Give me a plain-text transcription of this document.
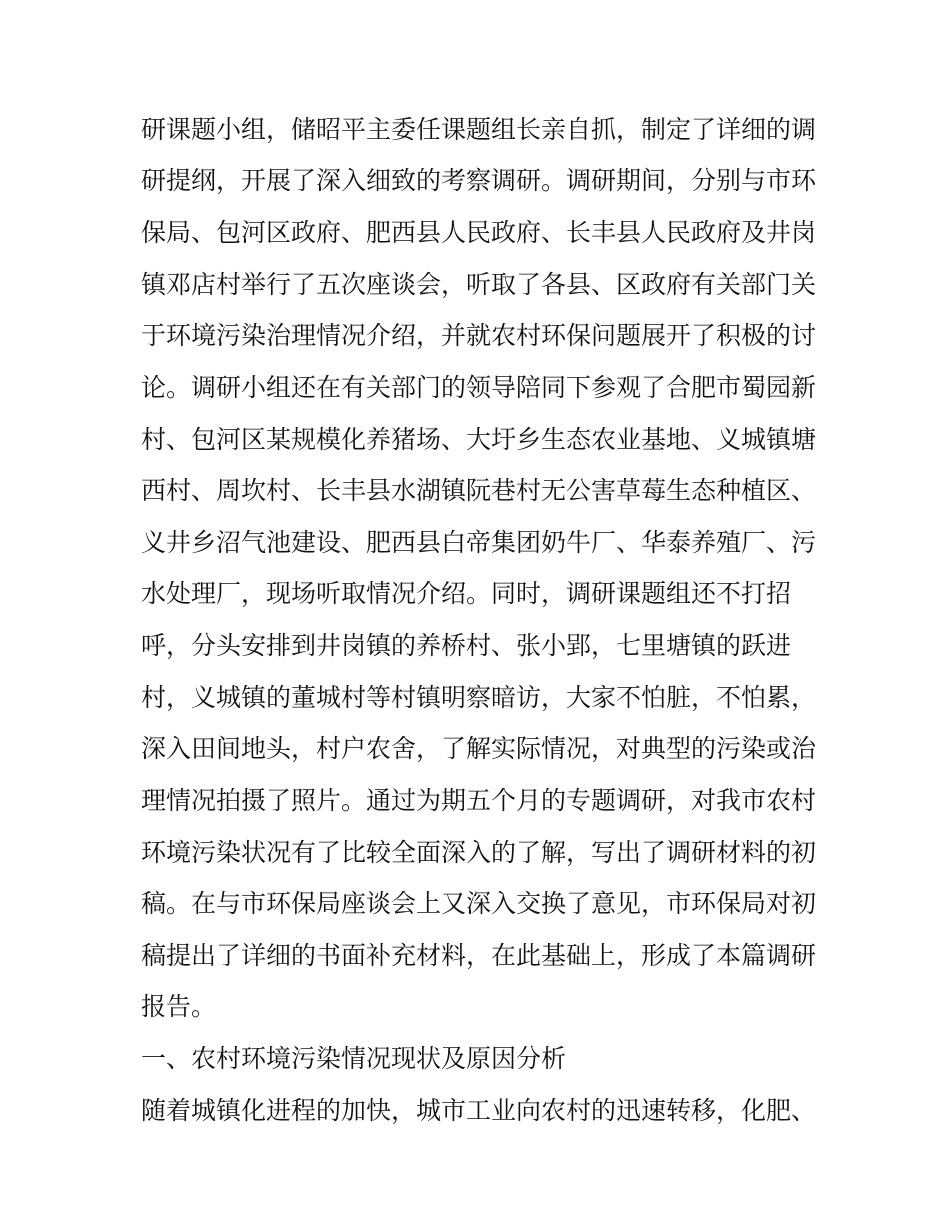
研课题小组，储昭平主委任课题组长亲自抓，制定了详细的调
研提纲，开展了深入细致的考察调研。调研期间，分别与市环
保局、包河区政府、肥西县人民政府、长丰县人民政府及井岗
镇邓店村举行了五次座谈会，听取了各县、区政府有关部门关
于环境污染治理情况介绍，并就农村环保问题展开了积极的讨
论。调研小组还在有关部门的领导陪同下参观了合肥市蜀园新
村、包河区某规模化养猪场、大圩乡生态农业基地、义城镇塘
西村、周坎村、长丰县水湖镇阮巷村无公害草莓生态种植区、
义井乡沼气池建设、肥西县白帝集团奶牛厂、华泰养殖厂、污
水处理厂，现场听取情况介绍。同时，调研课题组还不打招
呼，分头安排到井岗镇的养桥村、张小郢，七里塘镇的跃进
村，义城镇的董城村等村镇明察暗访，大家不怕脏，不怕累，
深入田间地头，村户农舍，了解实际情况，对典型的污染或治
理情况拍摄了照片。通过为期五个月的专题调研，对我市农村
环境污染状况有了比较全面深入的了解，写出了调研材料的初
稿。在与市环保局座谈会上又深入交换了意见，市环保局对初
稿提出了详细的书面补充材料，在此基础上，形成了本篇调研
报告。
一、农村环境污染情况现状及原因分析
随着城镇化进程的加快，城市工业向农村的迅速转移，化肥、
